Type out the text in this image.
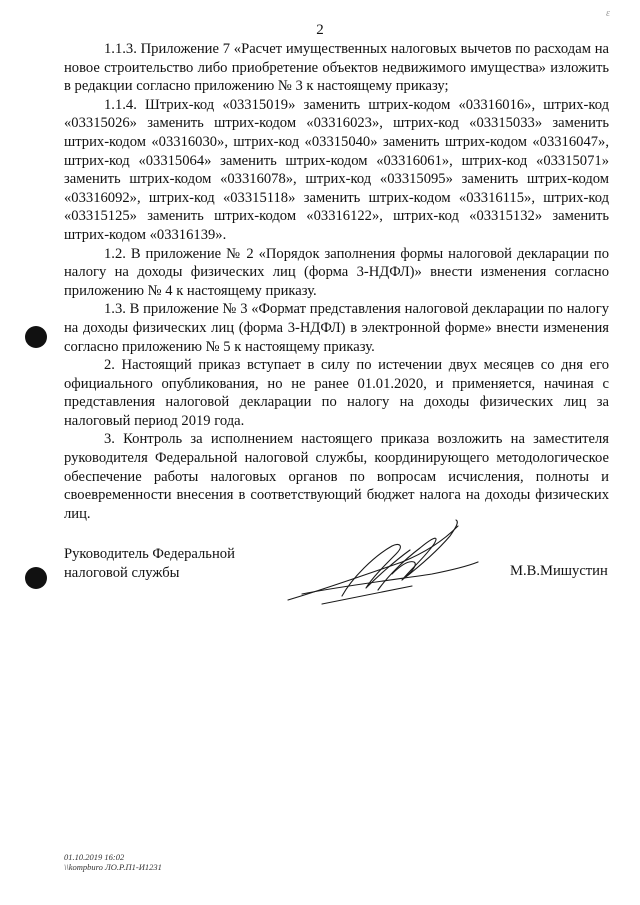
2
ε

1.1.3. Приложение 7 «Расчет имущественных налоговых вычетов по расходам на новое строительство либо приобретение объектов недвижимого имущества» изложить в редакции согласно приложению № 3 к настоящему приказу;

1.1.4. Штрих-код «03315019» заменить штрих-кодом «03316016», штрих-код «03315026» заменить штрих-кодом «03316023», штрих-код «03315033» заменить штрих-кодом «03316030», штрих-код «03315040» заменить штрих-кодом «03316047», штрих-код «03315064» заменить штрих-кодом «03316061», штрих-код «03315071» заменить штрих-кодом «03316078», штрих-код «03315095» заменить штрих-кодом «03316092», штрих-код «03315118» заменить штрих-кодом «03316115», штрих-код «03315125» заменить штрих-кодом «03316122», штрих-код «03315132» заменить штрих-кодом «03316139».

1.2. В приложение № 2 «Порядок заполнения формы налоговой декларации по налогу на доходы физических лиц (форма 3-НДФЛ)» внести изменения согласно приложению № 4 к настоящему приказу.

1.3. В приложение № 3 «Формат представления налоговой декларации по налогу на доходы физических лиц (форма 3-НДФЛ) в электронной форме» внести изменения согласно приложению № 5 к настоящему приказу.

2. Настоящий приказ вступает в силу по истечении двух месяцев со дня его официального опубликования, но не ранее 01.01.2020, и применяется, начиная с представления налоговой декларации по налогу на доходы физических лиц за налоговый период 2019 года.

3. Контроль за исполнением настоящего приказа возложить на заместителя руководителя Федеральной налоговой службы, координирующего методологическое обеспечение работы налоговых органов по вопросам исчисления, полноты и своевременности внесения в соответствующий бюджет налога на доходы физических лиц.

Руководитель Федеральной
налоговой службы	М.В.Мишустин
01.10.2019 16:02
\\kompburo ЛО.Р.П1-И1231
